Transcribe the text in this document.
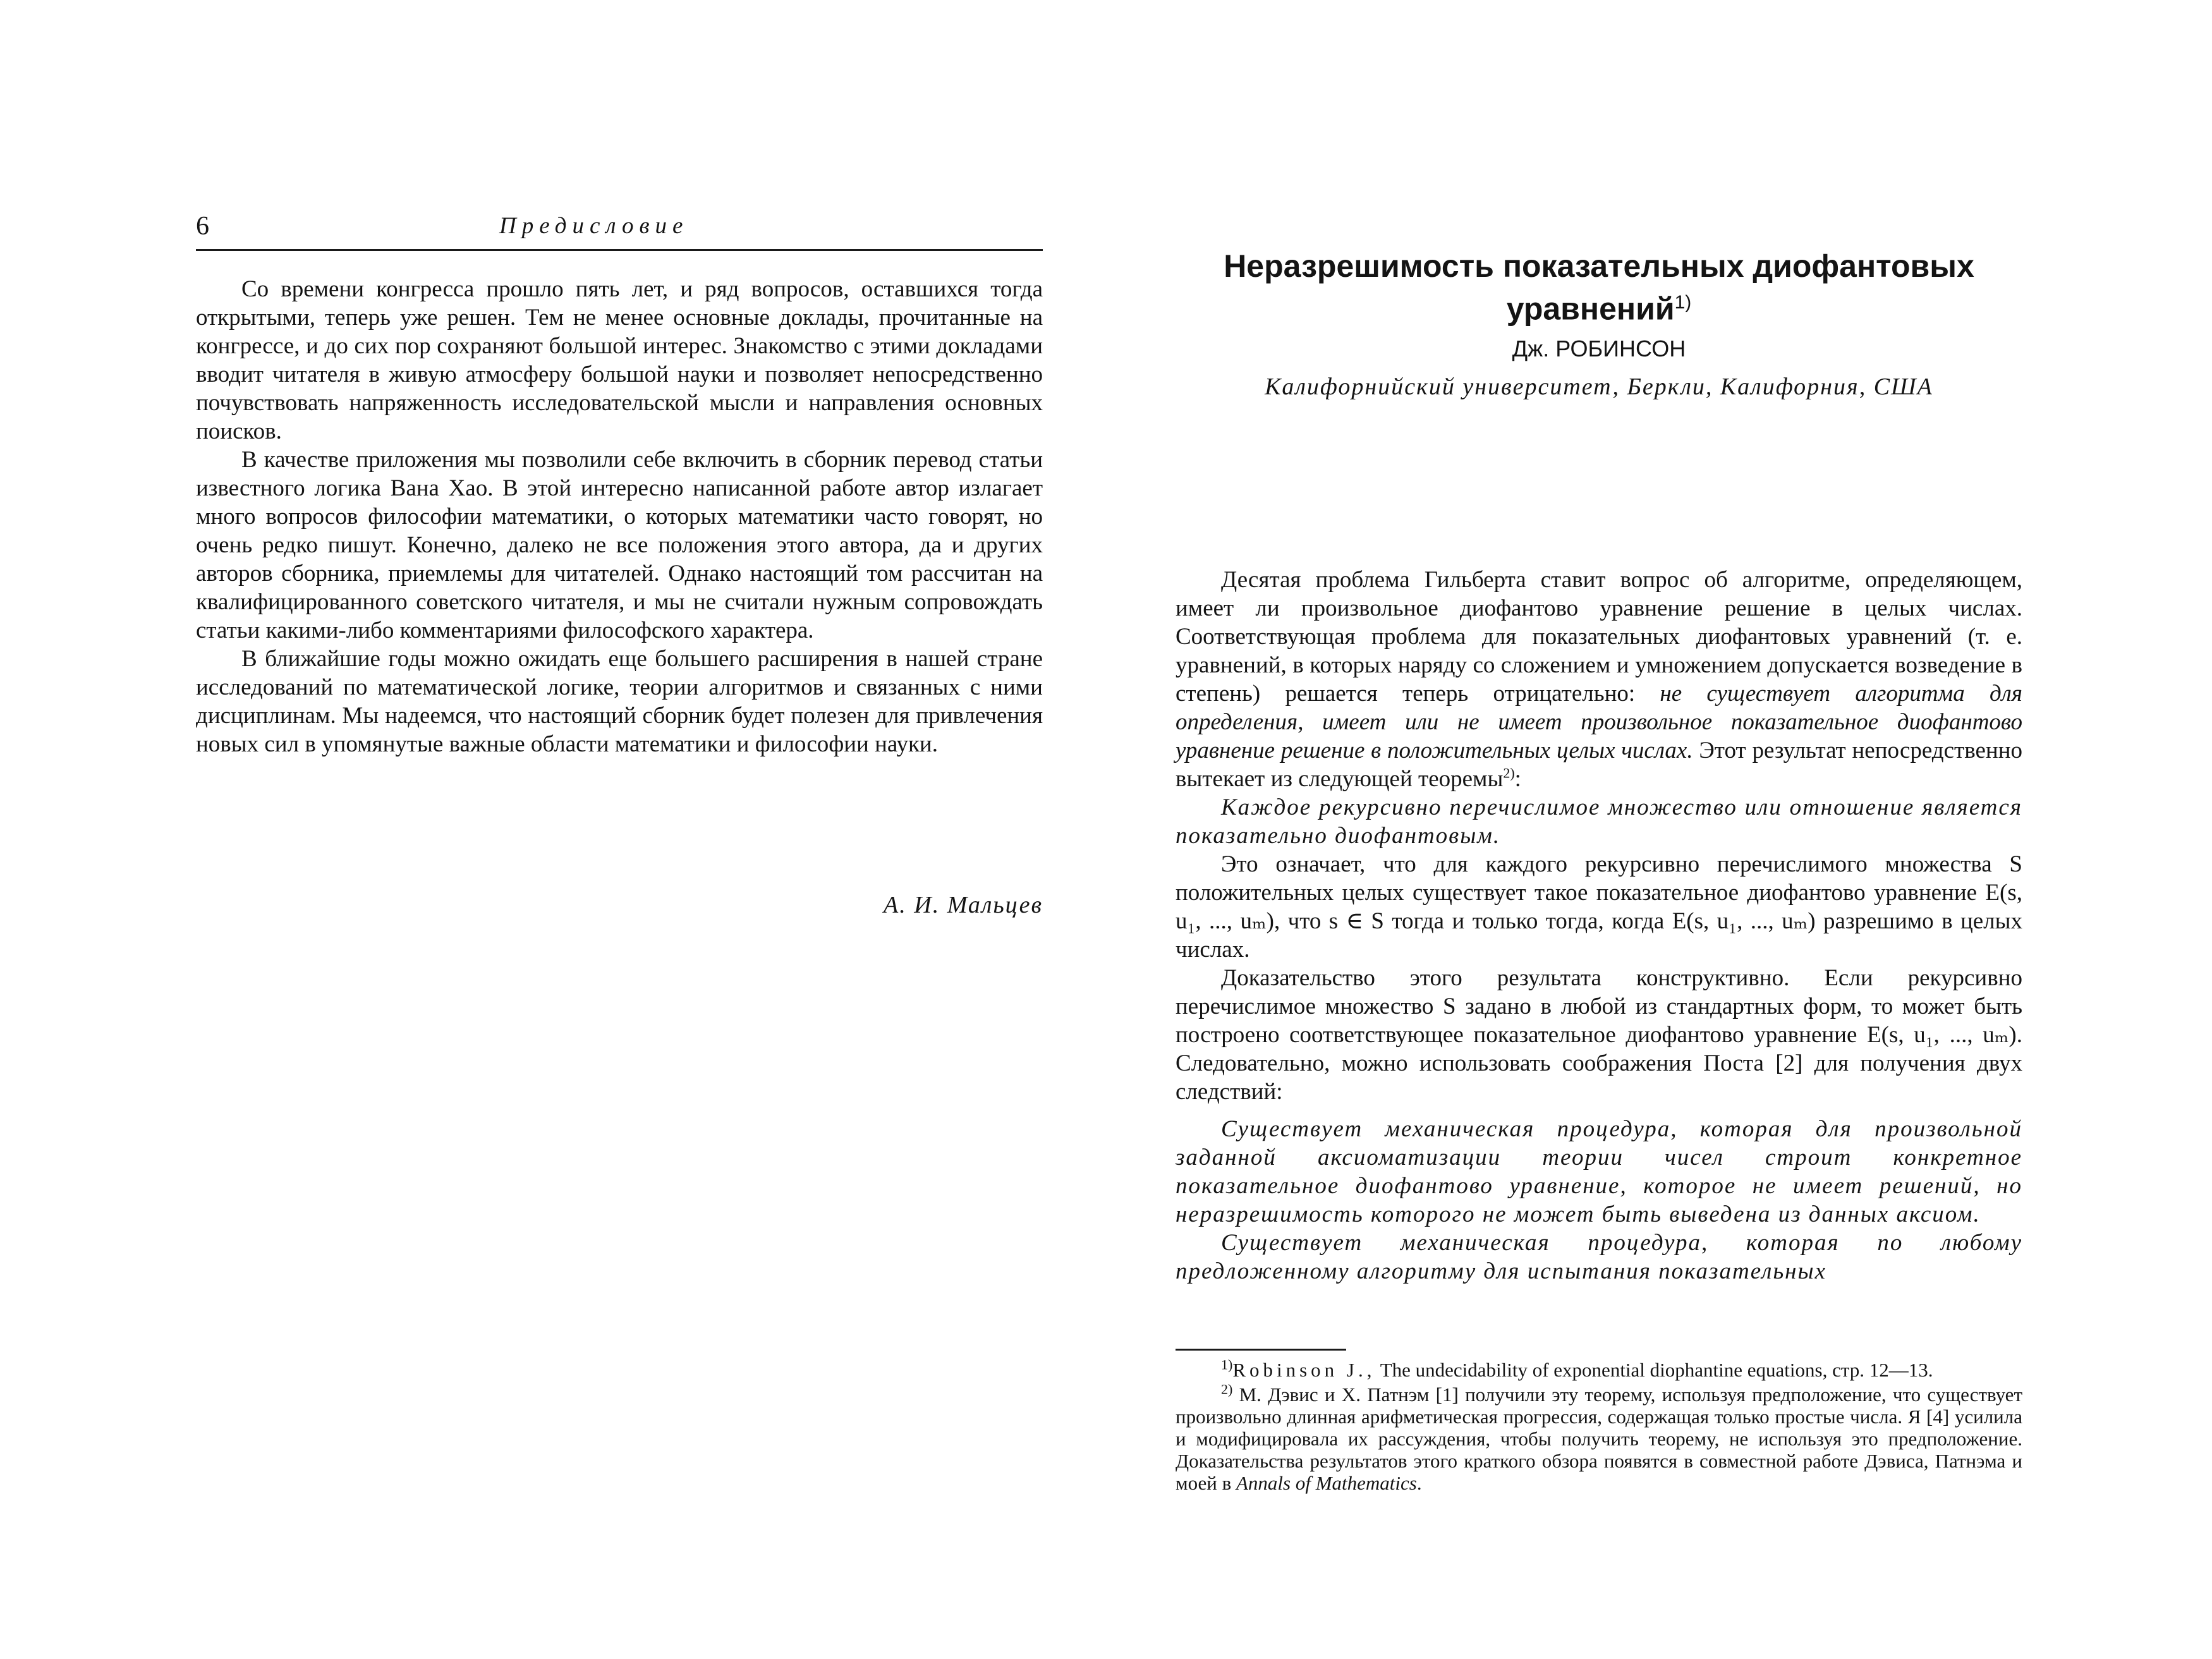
6	Предисловие

Со времени конгресса прошло пять лет, и ряд вопросов, оставшихся тогда открытыми, теперь уже решен. Тем не менее основные доклады, прочитанные на конгрессе, и до сих пор сохраняют большой интерес. Знакомство с этими докладами вводит читателя в живую атмосферу большой науки и позволяет непосредственно почувствовать напряженность исследовательской мысли и направления основных поисков.

В качестве приложения мы позволили себе включить в сборник перевод статьи известного логика Вана Хао. В этой интересно написанной работе автор излагает много вопросов философии математики, о которых математики часто говорят, но очень редко пишут. Конечно, далеко не все положения этого автора, да и других авторов сборника, приемлемы для читателей. Однако настоящий том рассчитан на квалифицированного советского читателя, и мы не считали нужным сопровождать статьи какими-либо комментариями философского характера.

В ближайшие годы можно ожидать еще большего расширения в нашей стране исследований по математической логике, теории алгоритмов и связанных с ними дисциплинам. Мы надеемся, что настоящий сборник будет полезен для привлечения новых сил в упомянутые важные области математики и философии науки.

А. И. Мальцев
Неразрешимость показательных диофантовых уравнений$^{1)}$
Дж. РОБИНСОН
Калифорнийский университет, Беркли, Калифорния, США

Десятая проблема Гильберта ставит вопрос об алгоритме, определяющем, имеет ли произвольное диофантово уравнение решение в целых числах. Соответствующая проблема для показательных диофантовых уравнений (т. е. уравнений, в которых наряду со сложением и умножением допускается возведение в степень) решается теперь отрицательно: не существует алгоритма для определения, имеет или не имеет произвольное показательное диофантово уравнение решение в положительных целых числах. Этот результат непосредственно вытекает из следующей теоремы$^{2)}$:

Каждое рекурсивно перечислимое множество или отношение является показательно диофантовым.

Это означает, что для каждого рекурсивно перечислимого множества S положительных целых существует такое показательное диофантово уравнение E(s, u₁, ..., uₘ), что s ∈ S тогда и только тогда, когда E(s, u₁, ..., uₘ) разрешимо в целых числах.

Доказательство этого результата конструктивно. Если рекурсивно перечислимое множество S задано в любой из стандартных форм, то может быть построено соответствующее показательное диофантово уравнение E(s, u₁, ..., uₘ). Следовательно, можно использовать соображения Поста [2] для получения двух следствий:

Существует механическая процедура, которая для произвольной заданной аксиоматизации теории чисел строит конкретное показательное диофантово уравнение, которое не имеет решений, но неразрешимость которого не может быть выведена из данных аксиом.

Существует механическая процедура, которая по любому предложенному алгоритму для испытания показательных

$^{1)}$Robinson J., The undecidability of exponential diophantine equations, стр. 12—13.

$^{2)}$ М. Дэвис и Х. Патнэм [1] получили эту теорему, используя предположение, что существует произвольно длинная арифметическая прогрессия, содержащая только простые числа. Я [4] усилила и модифицировала их рассуждения, чтобы получить теорему, не используя это предположение. Доказательства результатов этого краткого обзора появятся в совместной работе Дэвиса, Патнэма и моей в Annals of Mathematics.
